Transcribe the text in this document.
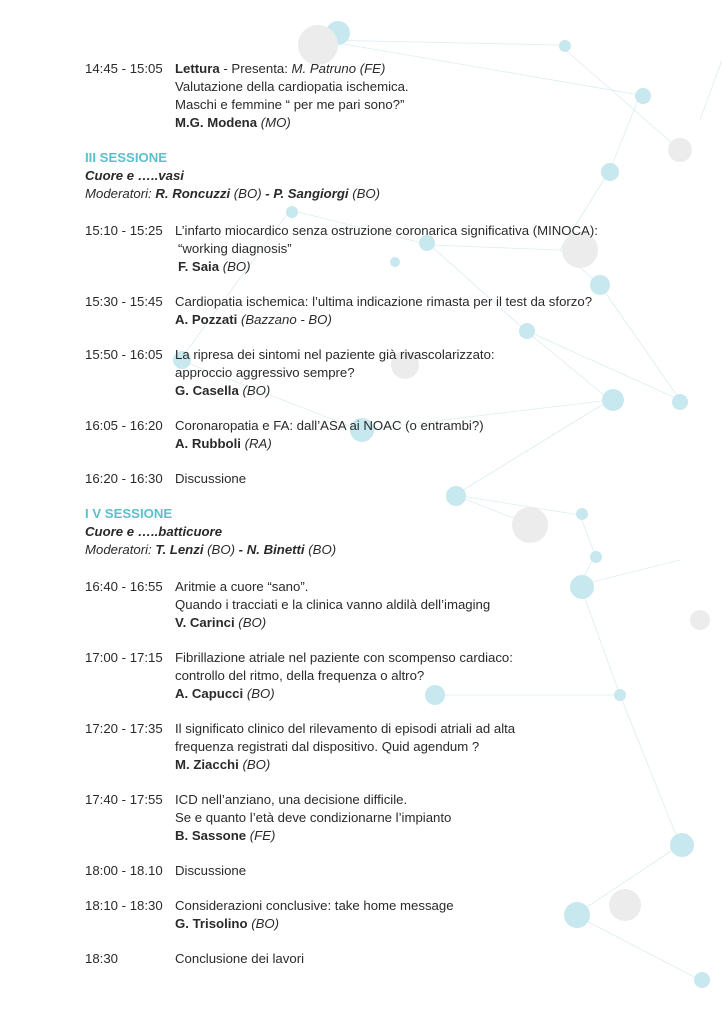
14:45 - 15:05 Lettura - Presenta: M. Patruno (FE)
Valutazione della cardiopatia ischemica.
Maschi e femmine “ per me pari sono?”
M.G. Modena (MO)
III SESSIONE
Cuore e …..vasi
Moderatori: R. Roncuzzi (BO) - P. Sangiorgi (BO)
15:10 - 15:25 L’infarto miocardico senza ostruzione coronarica significativa (MINOCA):
“working diagnosis”
F. Saia (BO)
15:30 - 15:45 Cardiopatia ischemica: l’ultima indicazione rimasta per il test da sforzo?
A. Pozzati (Bazzano - BO)
15:50 - 16:05 La ripresa dei sintomi nel paziente già rivascolarizzato:
approccio aggressivo sempre?
G. Casella (BO)
16:05 - 16:20 Coronaropatia e FA: dall’ASA ai NOAC (o entrambi?)
A. Rubboli (RA)
16:20 - 16:30 Discussione
I V SESSIONE
Cuore e …..batticuore
Moderatori: T. Lenzi (BO) - N. Binetti (BO)
16:40 - 16:55 Aritmie a cuore “sano”.
Quando i tracciati e la clinica vanno aldilà dell’imaging
V. Carinci (BO)
17:00 - 17:15 Fibrillazione atriale nel paziente con scompenso cardiaco:
controllo del ritmo, della frequenza o altro?
A. Capucci (BO)
17:20 - 17:35 Il significato clinico del rilevamento di episodi atriali ad alta
frequenza registrati dal dispositivo. Quid agendum ?
M. Ziacchi (BO)
17:40 - 17:55 ICD nell’anziano, una decisione difficile.
Se e quanto l’età deve condizionarne l’impianto
B. Sassone (FE)
18:00 - 18.10 Discussione
18:10 - 18:30 Considerazioni conclusive: take home message
G. Trisolino (BO)
18:30	Conclusione dei lavori
